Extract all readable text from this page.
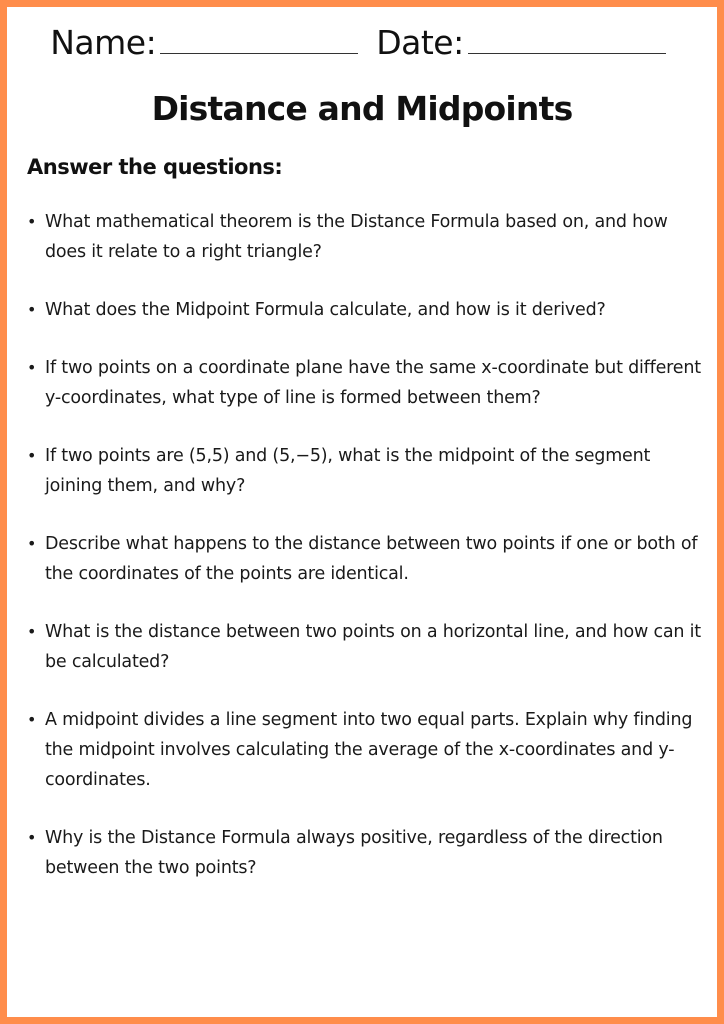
Name:	Date:
Distance and Midpoints
Answer the questions:
• What mathematical theorem is the Distance Formula based on, and how does it relate to a right triangle?
• What does the Midpoint Formula calculate, and how is it derived?
• If two points on a coordinate plane have the same x-coordinate but different y-coordinates, what type of line is formed between them?
• If two points are (5,5) and (5,−5), what is the midpoint of the segment joining them, and why?
• Describe what happens to the distance between two points if one or both of the coordinates of the points are identical.
• What is the distance between two points on a horizontal line, and how can it be calculated?
• A midpoint divides a line segment into two equal parts. Explain why finding the midpoint involves calculating the average of the x-coordinates and y-coordinates.
• Why is the Distance Formula always positive, regardless of the direction between the two points?
